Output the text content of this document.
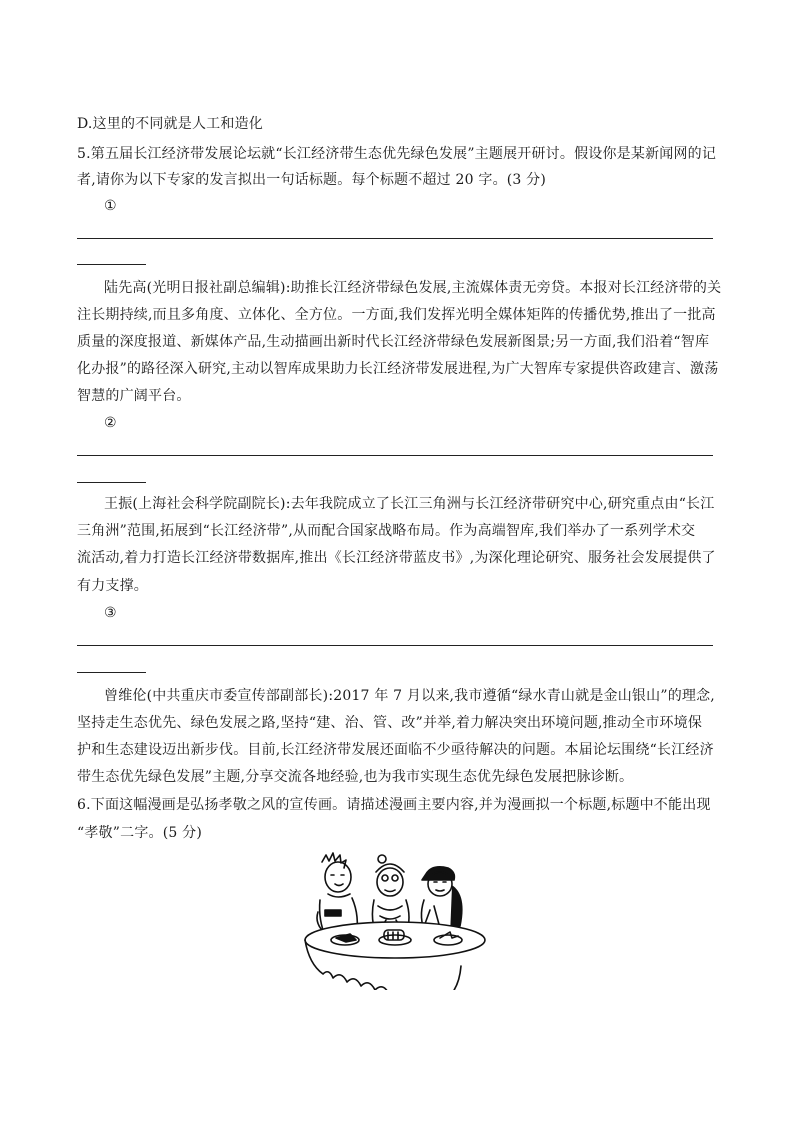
D.这里的不同就是人工和造化
5.第五届长江经济带发展论坛就“长江经济带生态优先绿色发展”主题展开研讨。假设你是某新闻网的记
者,请你为以下专家的发言拟出一句话标题。每个标题不超过 20 字。(3 分)
①
陆先高(光明日报社副总编辑):助推长江经济带绿色发展,主流媒体责无旁贷。本报对长江经济带的关
注长期持续,而且多角度、立体化、全方位。一方面,我们发挥光明全媒体矩阵的传播优势,推出了一批高
质量的深度报道、新媒体产品,生动描画出新时代长江经济带绿色发展新图景;另一方面,我们沿着“智库
化办报”的路径深入研究,主动以智库成果助力长江经济带发展进程,为广大智库专家提供咨政建言、激荡
智慧的广阔平台。
②
王振(上海社会科学院副院长):去年我院成立了长江三角洲与长江经济带研究中心,研究重点由“长江
三角洲”范围,拓展到“长江经济带”,从而配合国家战略布局。作为高端智库,我们举办了一系列学术交
流活动,着力打造长江经济带数据库,推出《长江经济带蓝皮书》,为深化理论研究、服务社会发展提供了
有力支撑。
③
曾维伦(中共重庆市委宣传部副部长):2017 年 7 月以来,我市遵循“绿水青山就是金山银山”的理念,
坚持走生态优先、绿色发展之路,坚持“建、治、管、改”并举,着力解决突出环境问题,推动全市环境保
护和生态建设迈出新步伐。目前,长江经济带发展还面临不少亟待解决的问题。本届论坛围绕“长江经济
带生态优先绿色发展”主题,分享交流各地经验,也为我市实现生态优先绿色发展把脉诊断。
6.下面这幅漫画是弘扬孝敬之风的宣传画。请描述漫画主要内容,并为漫画拟一个标题,标题中不能出现
“孝敬”二字。(5 分)
